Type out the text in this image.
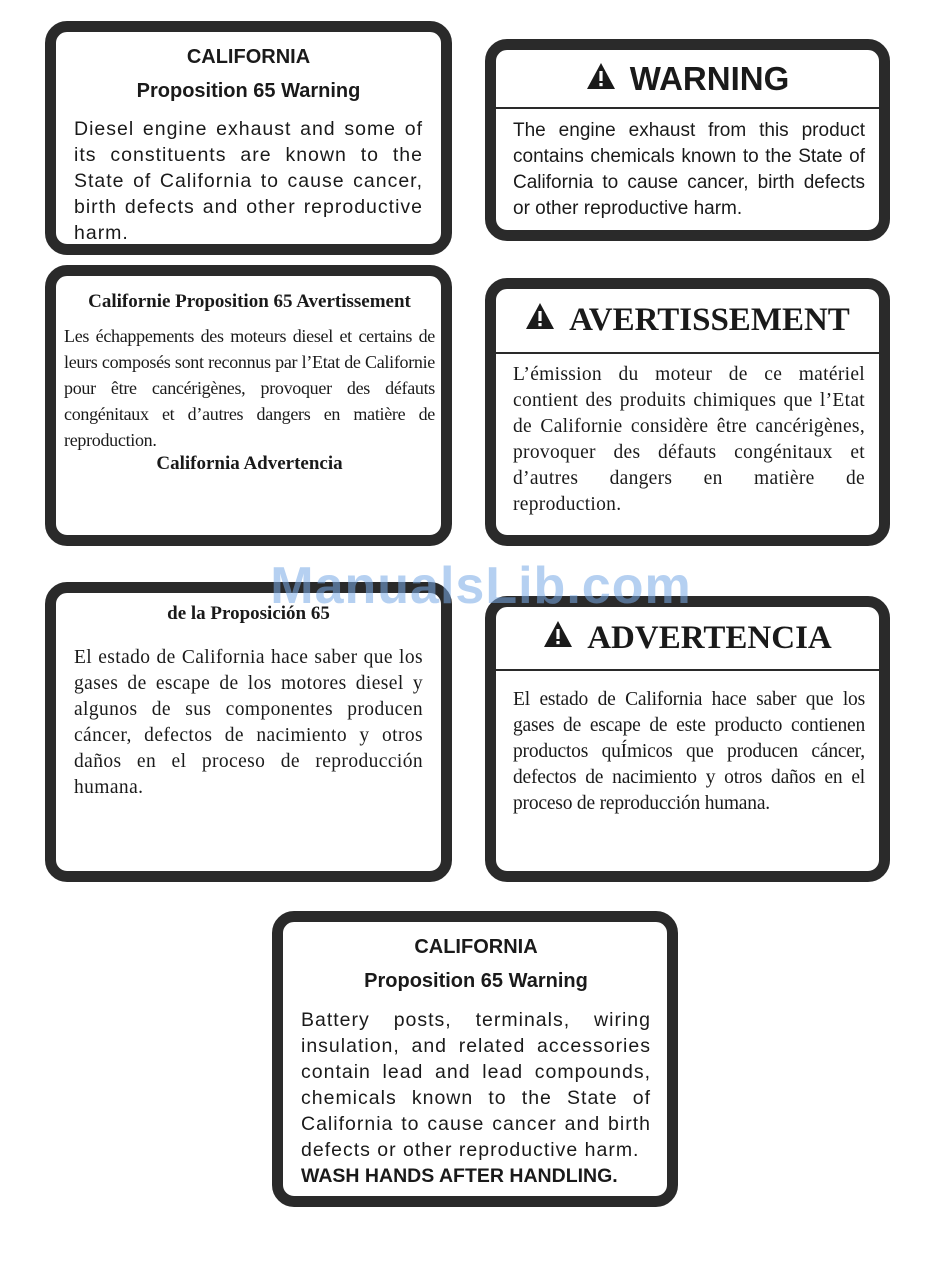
CALIFORNIA

Proposition 65 Warning

Diesel engine exhaust and some of its constituents are known to the State of California to cause cancer, birth defects and other reproductive harm.

WARNING

The engine exhaust from this product contains chemicals known to the State of California to cause cancer, birth defects or other reproductive harm.

Californie Proposition 65 Avertissement

Les échappements des moteurs diesel et certains de leurs composés sont reconnus par l’Etat de Californie pour être cancérigènes, provoquer des défauts congénitaux et d’autres dangers en matière de reproduction.

California Advertencia

AVERTISSEMENT

L’émission du moteur de ce matériel contient des produits chimiques que l’Etat de Californie considère être cancérigènes, provoquer des défauts congénitaux et d’autres dangers en matière de reproduction.

de la Proposición 65

El estado de California hace saber que los gases de escape de los motores diesel y algunos de sus componentes producen cáncer, defectos de nacimiento y otros daños en el proceso de reproducción humana.

ADVERTENCIA

El estado de California hace saber que los gases de escape de este producto contienen productos quÍmicos que producen cáncer, defectos de nacimiento y otros daños en el proceso de reproducción humana.

CALIFORNIA

Proposition 65 Warning

Battery posts, terminals, wiring insulation, and related accessories contain lead and lead compounds, chemicals known to the State of California to cause cancer and birth defects or other reproductive harm.

WASH HANDS AFTER HANDLING.

ManualsLib.com
